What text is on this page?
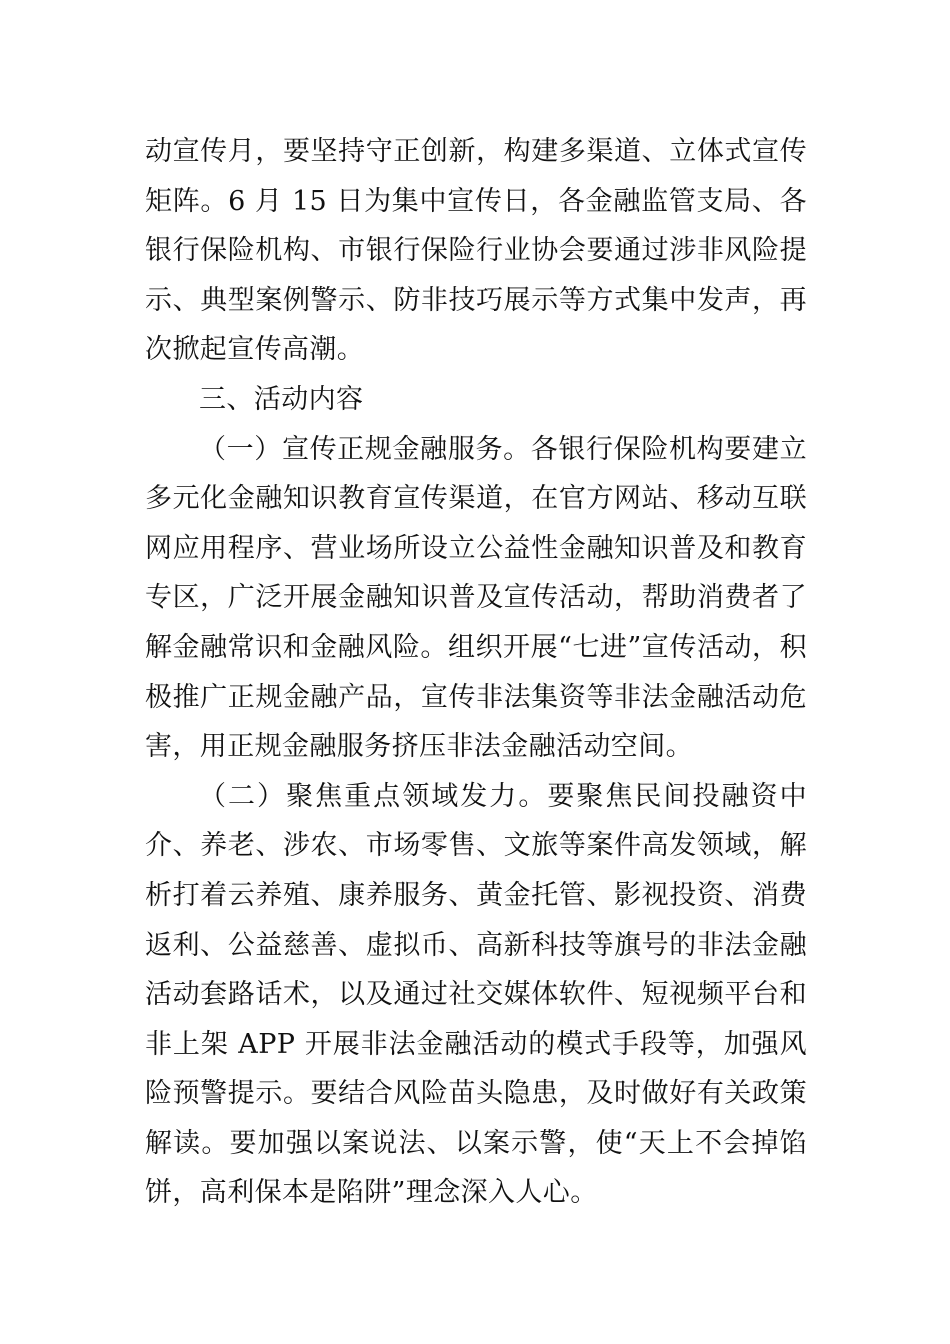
动宣传月，要坚持守正创新，构建多渠道、立体式宣传矩阵。6 月 15 日为集中宣传日，各金融监管支局、各银行保险机构、市银行保险行业协会要通过涉非风险提示、典型案例警示、防非技巧展示等方式集中发声，再次掀起宣传高潮。

三、活动内容

（一）宣传正规金融服务。各银行保险机构要建立多元化金融知识教育宣传渠道，在官方网站、移动互联网应用程序、营业场所设立公益性金融知识普及和教育专区，广泛开展金融知识普及宣传活动，帮助消费者了解金融常识和金融风险。组织开展“七进”宣传活动，积极推广正规金融产品，宣传非法集资等非法金融活动危害，用正规金融服务挤压非法金融活动空间。

（二）聚焦重点领域发力。要聚焦民间投融资中介、养老、涉农、市场零售、文旅等案件高发领域，解析打着云养殖、康养服务、黄金托管、影视投资、消费返利、公益慈善、虚拟币、高新科技等旗号的非法金融活动套路话术，以及通过社交媒体软件、短视频平台和非上架 APP 开展非法金融活动的模式手段等，加强风险预警提示。要结合风险苗头隐患，及时做好有关政策解读。要加强以案说法、以案示警，使“天上不会掉馅饼，高利保本是陷阱”理念深入人心。
